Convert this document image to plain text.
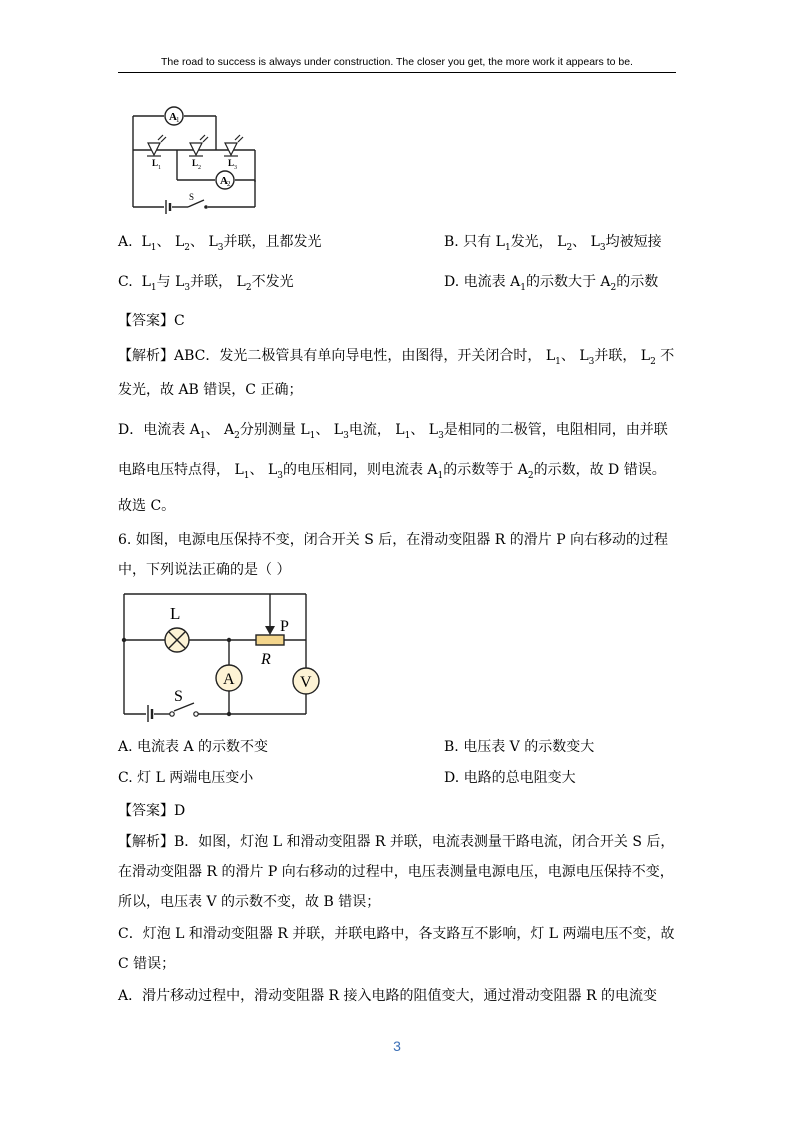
The road to success is always under construction. The closer you get, the more work it appears to be.
A 1
A 2
L 1	L 2	L 3
S
A. $L_1$、 $L_2$、 $L_3$并联，且都发光	B. 只有 $L_1$发光， $L_2$、 $L_3$均被短接
C. $L_1$与 $L_3$并联， $L_2$不发光	D. 电流表 $A_1$的示数大于 $A_2$的示数
【答案】C
【解析】ABC．发光二极管具有单向导电性，由图得，开关闭合时， $L_1$、 $L_3$并联， $L_2$ 不
发光，故 AB 错误，C 正确；
D．电流表 $A_1$、 $A_2$分别测量 $L_1$、 $L_3$电流， $L_1$、 $L_3$是相同的二极管，电阻相同，由并联
电路电压特点得， $L_1$、 $L_3$的电压相同，则电流表 $A_1$的示数等于 $A_2$的示数，故 D 错误。
故选 C。
6. 如图，电源电压保持不变，闭合开关 S 后，在滑动变阻器 R 的滑片 P 向右移动的过程
中，下列说法正确的是（ ）
A	V
L
P
R
S
A. 电流表 A 的示数不变	B. 电压表 V 的示数变大
C. 灯 L 两端电压变小	D. 电路的总电阻变大
【答案】D
【解析】B．如图，灯泡 L 和滑动变阻器 R 并联，电流表测量干路电流，闭合开关 S 后，
在滑动变阻器 R 的滑片 P 向右移动的过程中，电压表测量电源电压，电源电压保持不变，
所以，电压表 V 的示数不变，故 B 错误；
C．灯泡 L 和滑动变阻器 R 并联，并联电路中，各支路互不影响，灯 L 两端电压不变，故
C 错误；
A．滑片移动过程中，滑动变阻器 R 接入电路的阻值变大，通过滑动变阻器 R 的电流变
3
